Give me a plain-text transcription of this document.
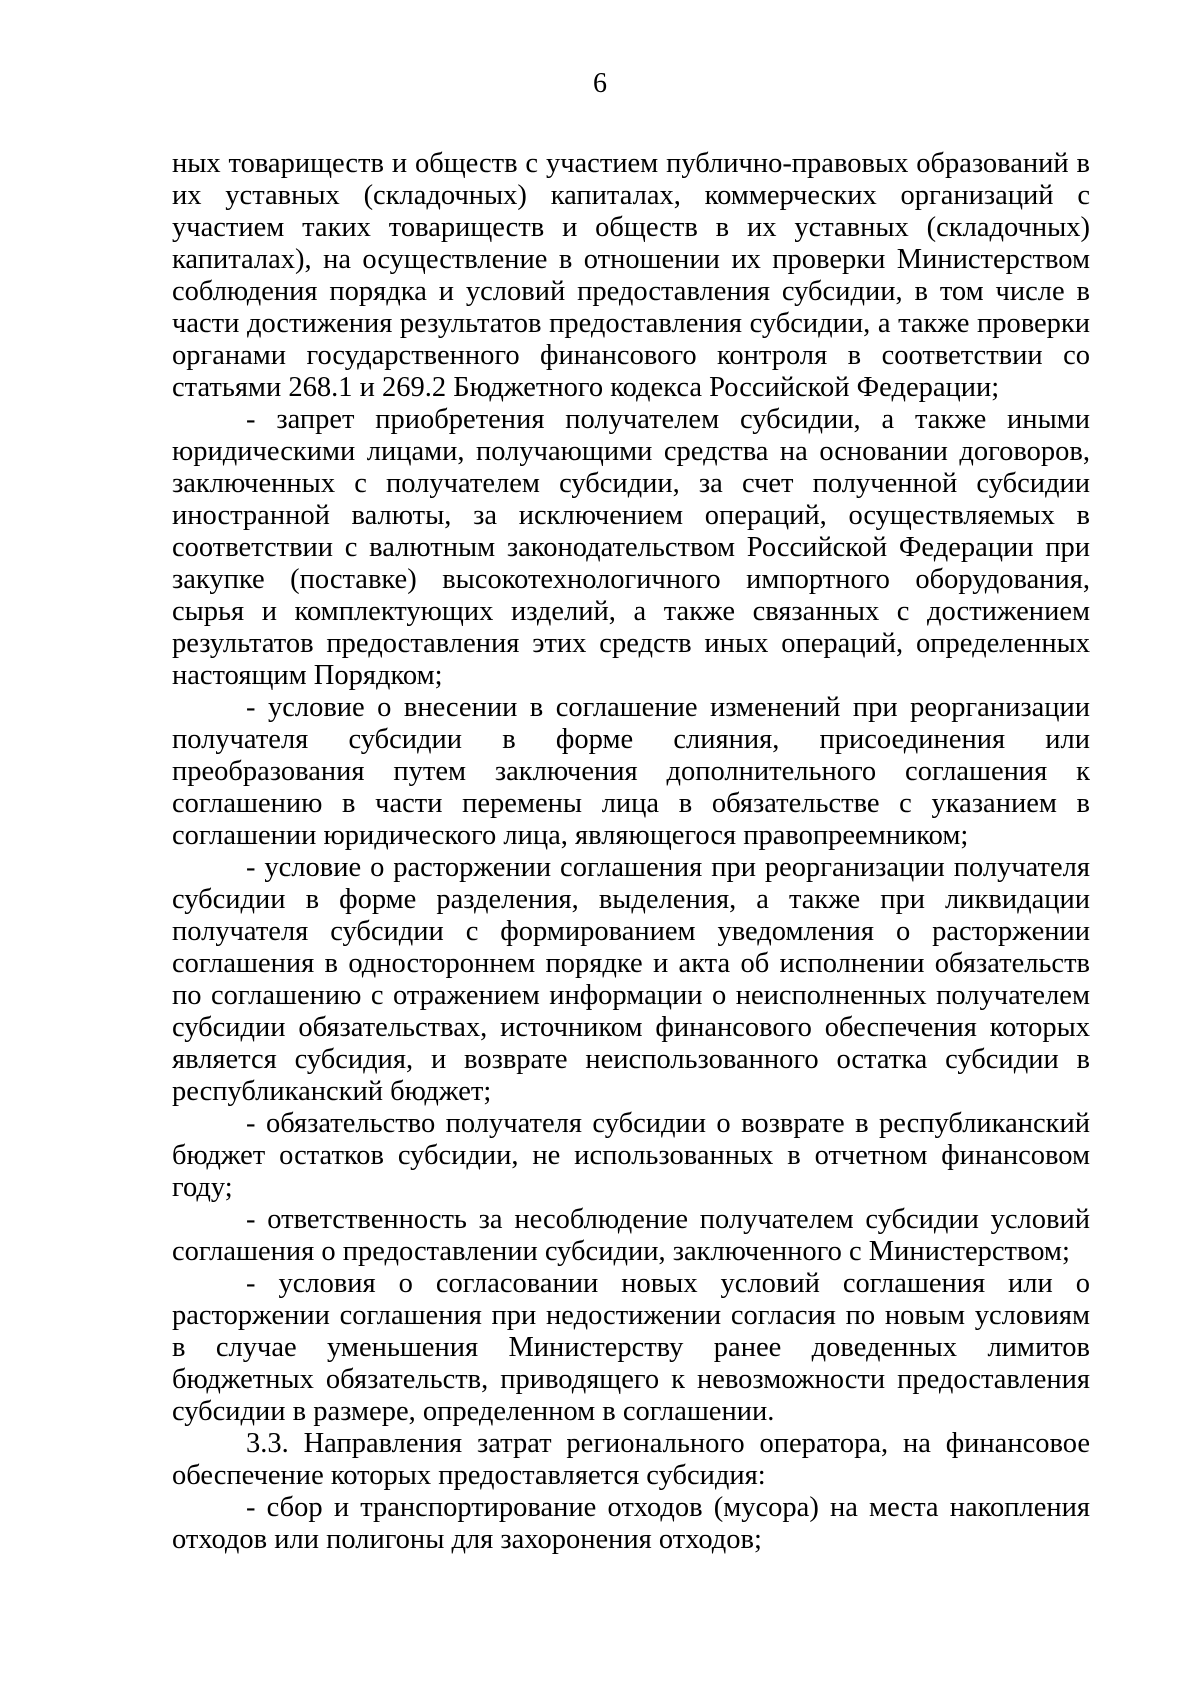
6

ных товариществ и обществ с участием публично-правовых образований в их уставных (складочных) капиталах, коммерческих организаций с участием таких товариществ и обществ в их уставных (складочных) капиталах), на осуществление в отношении их проверки Министерством соблюдения порядка и условий предоставления субсидии, в том числе в части достижения результатов предоставления субсидии, а также проверки органами государственного финансового контроля в соответствии со статьями 268.1 и 269.2 Бюджетного кодекса Российской Федерации;

- запрет приобретения получателем субсидии, а также иными юридическими лицами, получающими средства на основании договоров, заключенных с получателем субсидии, за счет полученной субсидии иностранной валюты, за исключением операций, осуществляемых в соответствии с валютным законодательством Российской Федерации при закупке (поставке) высокотехнологичного импортного оборудования, сырья и комплектующих изделий, а также связанных с достижением результатов предоставления этих средств иных операций, определенных настоящим Порядком;

- условие о внесении в соглашение изменений при реорганизации получателя субсидии в форме слияния, присоединения или преобразования путем заключения дополнительного соглашения к соглашению в части перемены лица в обязательстве с указанием в соглашении юридического лица, являющегося правопреемником;

- условие о расторжении соглашения при реорганизации получателя субсидии в форме разделения, выделения, а также при ликвидации получателя субсидии с формированием уведомления о расторжении соглашения в одностороннем порядке и акта об исполнении обязательств по соглашению с отражением информации о неисполненных получателем субсидии обязательствах, источником финансового обеспечения которых является субсидия, и возврате неиспользованного остатка субсидии в республиканский бюджет;

- обязательство получателя субсидии о возврате в республиканский бюджет остатков субсидии, не использованных в отчетном финансовом году;

- ответственность за несоблюдение получателем субсидии условий соглашения о предоставлении субсидии, заключенного с Министерством;

- условия о согласовании новых условий соглашения или о расторжении соглашения при недостижении согласия по новым условиям в случае уменьшения Министерству ранее доведенных лимитов бюджетных обязательств, приводящего к невозможности предоставления субсидии в размере, определенном в соглашении.

3.3. Направления затрат регионального оператора, на финансовое обеспечение которых предоставляется субсидия:

- сбор и транспортирование отходов (мусора) на места накопления отходов или полигоны для захоронения отходов;
